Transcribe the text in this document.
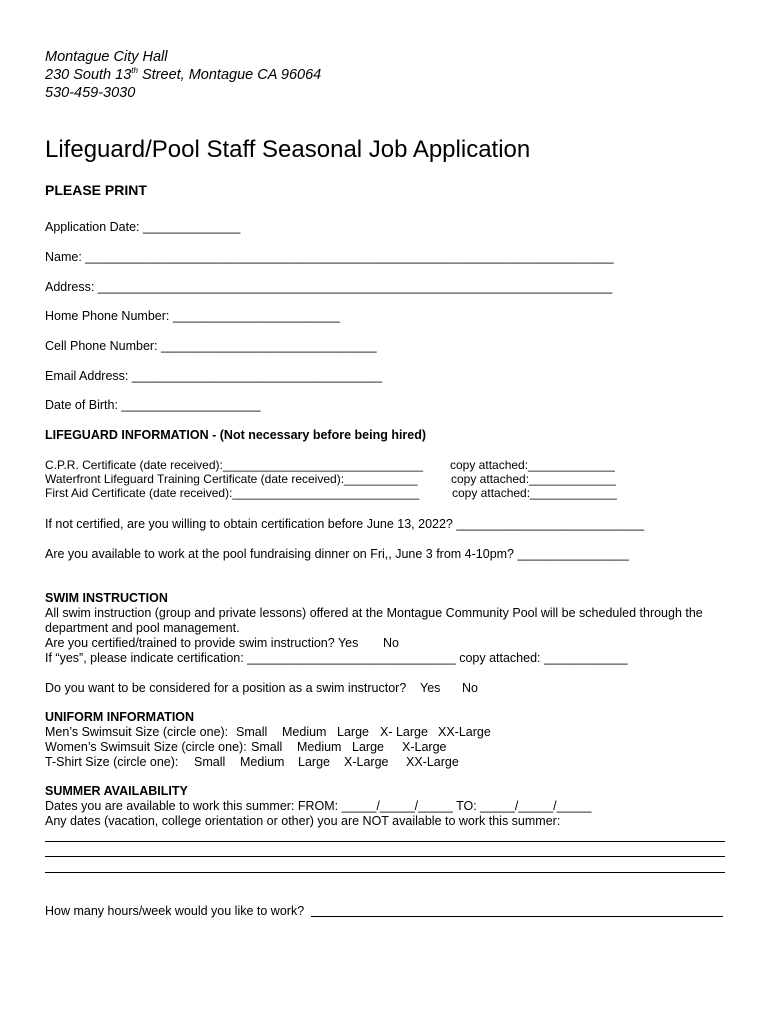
Montague City Hall
230 South 13th Street, Montague CA 96064
530-459-3030
Lifeguard/Pool Staff Seasonal Job Application
PLEASE PRINT
Application Date: ______________
Name: ____________________________________________________________________________
Address: __________________________________________________________________________
Home Phone Number: ________________________
Cell Phone Number: _______________________________
Email Address: ____________________________________
Date of Birth: ____________________
LIFEGUARD INFORMATION - (Not necessary before being hired)
C.P.R. Certificate (date received):______________________________ copy attached:_____________
Waterfront Lifeguard Training Certificate (date received):___________	copy attached:_____________
First Aid Certificate (date received):____________________________	copy attached:_____________
If not certified, are you willing to obtain certification before June 13, 2022? ___________________________
Are you available to work at the pool fundraising dinner on Fri,, June 3 from 4-10pm? ________________
SWIM INSTRUCTION
All swim instruction (group and private lessons) offered at the Montague Community Pool will be scheduled through the
department and pool management.
Are you certified/trained to provide swim instruction? Yes No
If “yes”, please indicate certification: ______________________________ copy attached: ____________
Do you want to be considered for a position as a swim instructor? Yes No
UNIFORM INFORMATION
Men’s Swimsuit Size (circle one): Small Medium Large X- Large XX-Large
Women’s Swimsuit Size (circle one): Small Medium Large X-Large
T-Shirt Size (circle one): Small Medium Large X-Large XX-Large
SUMMER AVAILABILITY
Dates you are available to work this summer: FROM: _____/_____/_____ TO: _____/_____/_____
Any dates (vacation, college orientation or other) you are NOT available to work this summer:
How many hours/week would you like to work?
